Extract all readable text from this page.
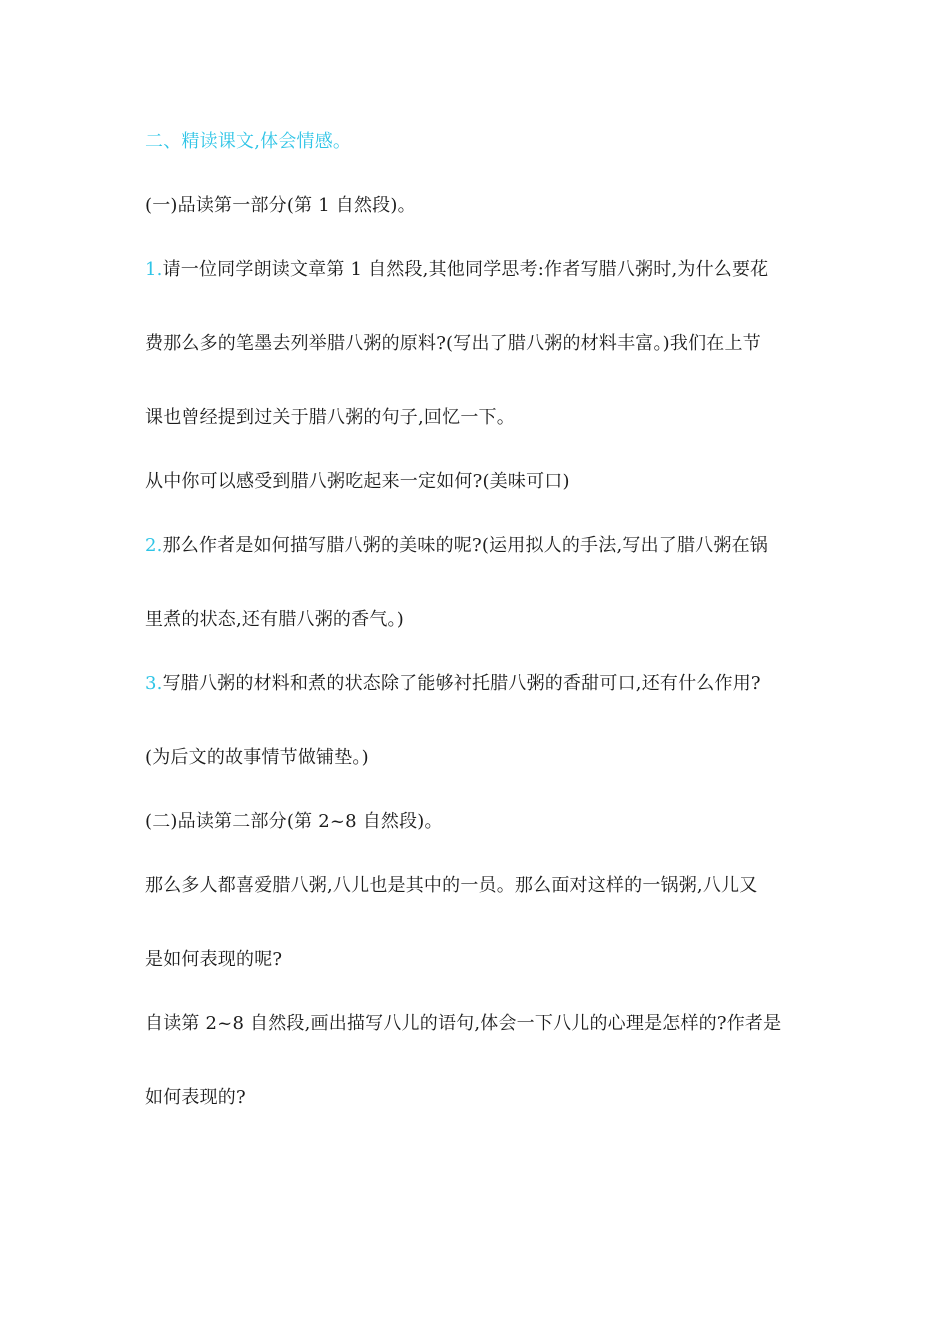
二、精读课文,体会情感。
(一)品读第一部分(第 1 自然段)。
1.请一位同学朗读文章第 1 自然段,其他同学思考:作者写腊八粥时,为什么要花
费那么多的笔墨去列举腊八粥的原料?(写出了腊八粥的材料丰富。)我们在上节
课也曾经提到过关于腊八粥的句子,回忆一下。
从中你可以感受到腊八粥吃起来一定如何?(美味可口)
2.那么作者是如何描写腊八粥的美味的呢?(运用拟人的手法,写出了腊八粥在锅
里煮的状态,还有腊八粥的香气。)
3.写腊八粥的材料和煮的状态除了能够衬托腊八粥的香甜可口,还有什么作用?
(为后文的故事情节做铺垫。)
(二)品读第二部分(第 2~8 自然段)。
那么多人都喜爱腊八粥,八儿也是其中的一员。那么面对这样的一锅粥,八儿又
是如何表现的呢?
自读第 2~8 自然段,画出描写八儿的语句,体会一下八儿的心理是怎样的?作者是
如何表现的?
